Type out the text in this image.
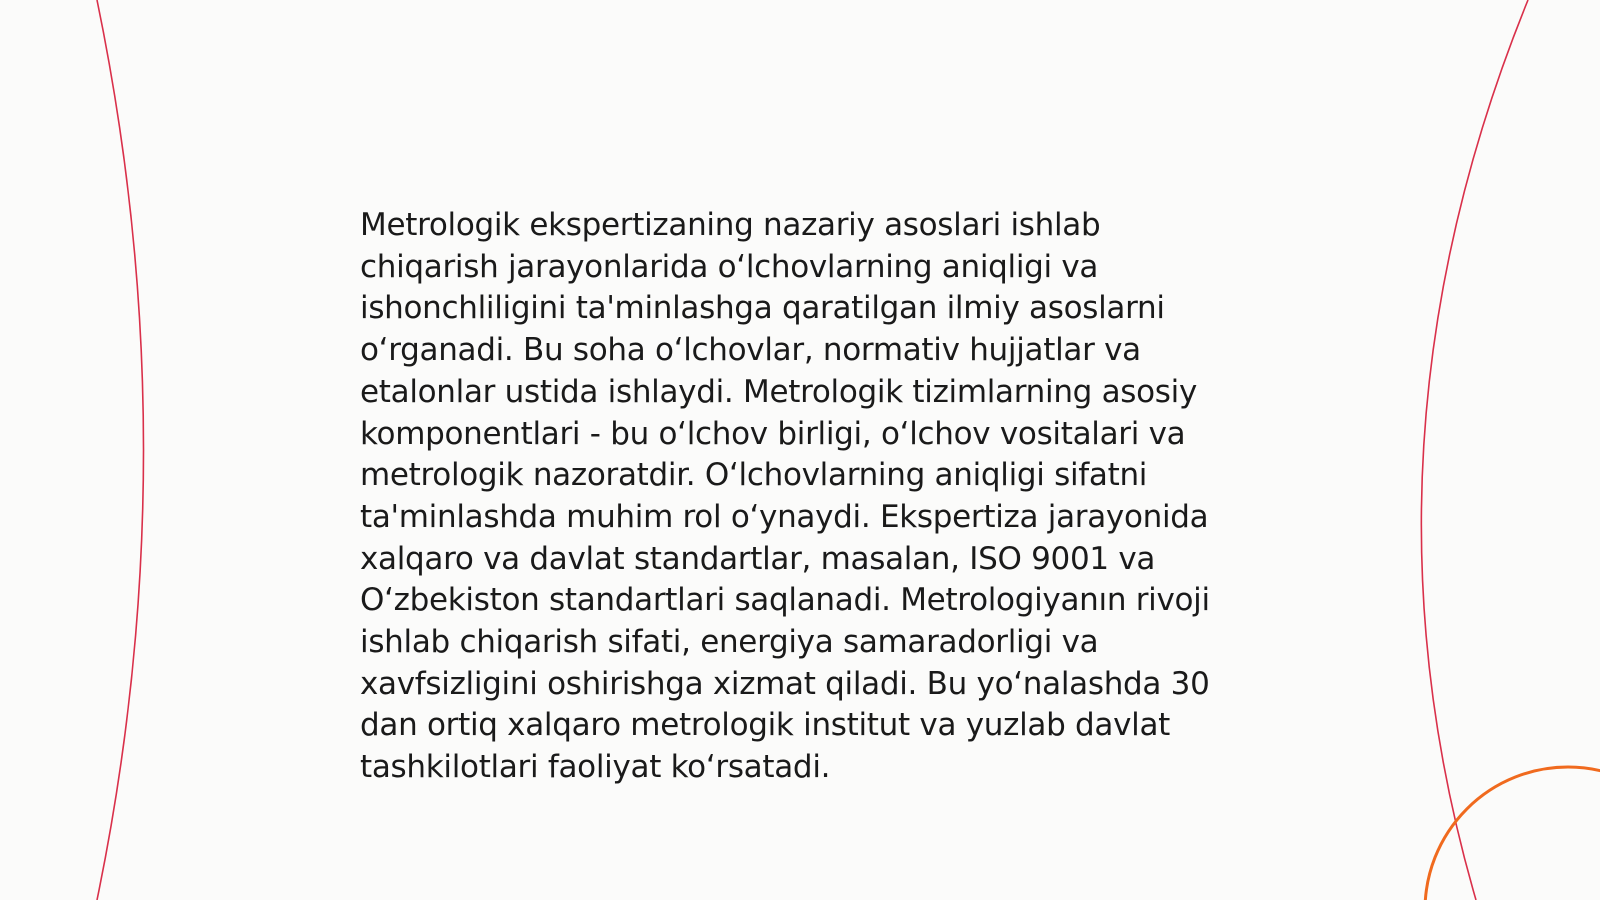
Metrologik ekspertizaning nazariy asoslari ishlab chiqarish jarayonlarida o‘lchovlarning aniqligi va ishonchliligini ta'minlashga qaratilgan ilmiy asoslarni o‘rganadi. Bu soha o‘lchovlar, normativ hujjatlar va etalonlar ustida ishlaydi. Metrologik tizimlarning asosiy komponentlari - bu o‘lchov birligi, o‘lchov vositalari va metrologik nazoratdir. O‘lchovlarning aniqligi sifatni ta'minlashda muhim rol o‘ynaydi. Ekspertiza jarayonida xalqaro va davlat standartlar, masalan, ISO 9001 va O‘zbekiston standartlari saqlanadi. Metrologiyanın rivoji ishlab chiqarish sifati, energiya samaradorligi va xavfsizligini oshirishga xizmat qiladi. Bu yo‘nalashda 30 dan ortiq xalqaro metrologik institut va yuzlab davlat tashkilotlari faoliyat ko‘rsatadi.
